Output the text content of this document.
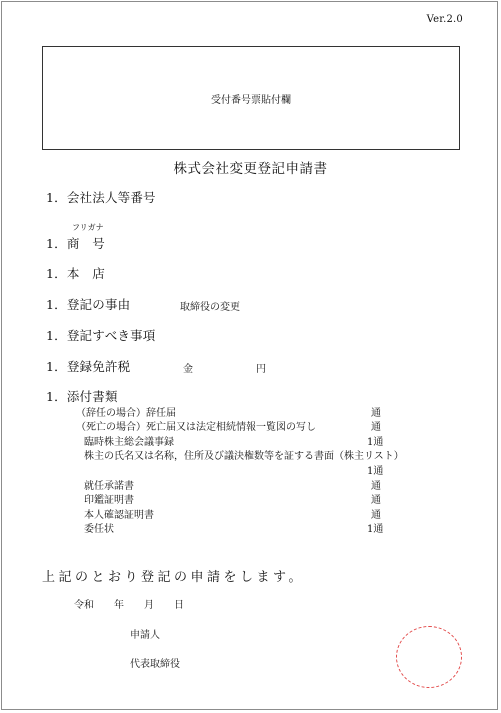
Ver.2.0
受付番号票貼付欄
株式会社変更登記申請書
1．会社法人等番号
フリガナ
1．商　号
1．本　店
1．登記の事由	取締役の変更
1．登記すべき事項
1．登録免許税	金	円
1．添付書類
（辞任の場合）辞任届	通
（死亡の場合）死亡届又は法定相続情報一覧図の写し	通
臨時株主総会議事録	1通
株主の氏名又は名称，住所及び議決権数等を証する書面（株主リスト）
1通
就任承諾書	通
印鑑証明書	通
本人確認証明書	通
委任状	1通
上記のとおり登記の申請をします。
令和　　年　　月　　日
申請人
代表取締役
